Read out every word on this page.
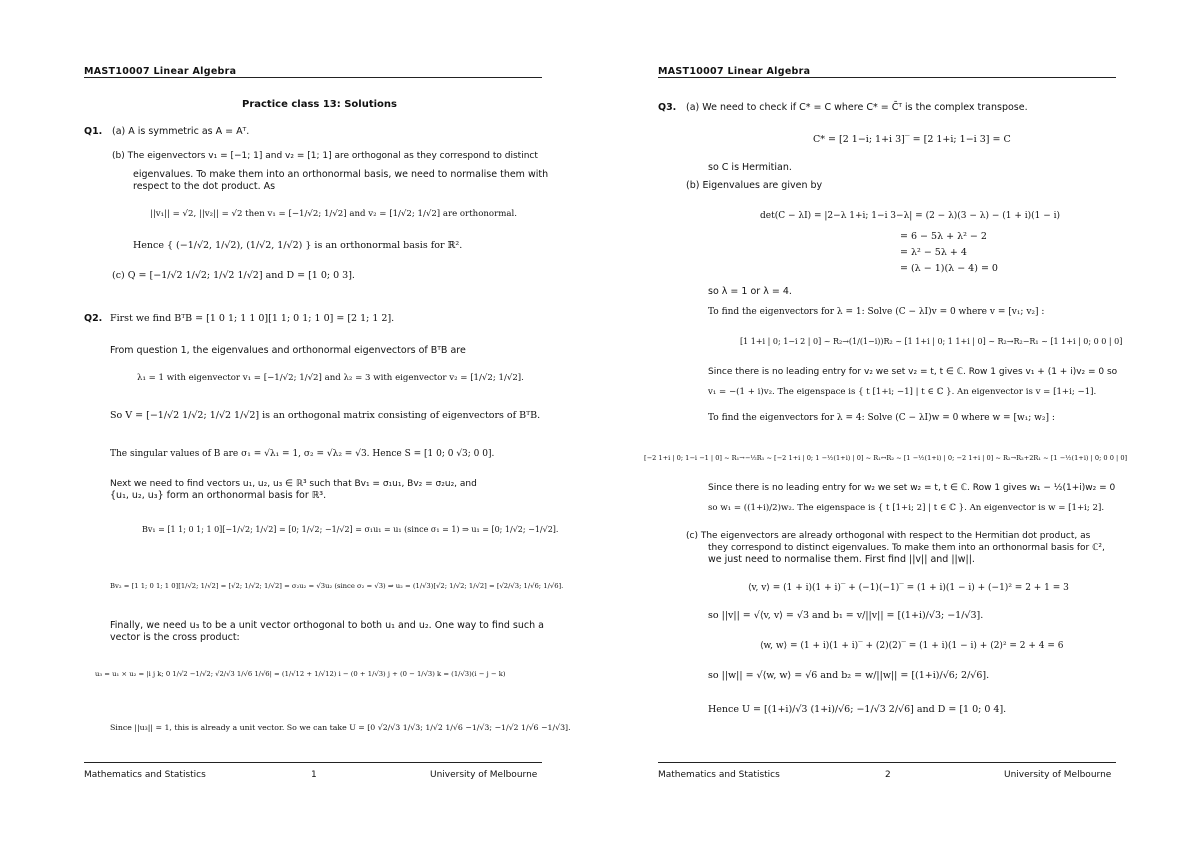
MAST10007 Linear Algebra
Practice class 13: Solutions
Q1. (a) A is symmetric as A = Aᵀ.
(b) The eigenvectors v₁ = [−1; 1] and v₂ = [1; 1] are orthogonal as they correspond to distinct
eigenvalues. To make them into an orthonormal basis, we need to normalise them with
respect to the dot product. As
||v₁|| = √2, ||v₂|| = √2 then v₁ = [−1/√2; 1/√2] and v₂ = [1/√2; 1/√2] are orthonormal.
Hence { (−1/√2, 1/√2), (1/√2, 1/√2) } is an orthonormal basis for ℝ².
(c) Q = [−1/√2 1/√2; 1/√2 1/√2] and D = [1 0; 0 3].
Q2. First we find BᵀB = [1 0 1; 1 1 0][1 1; 0 1; 1 0] = [2 1; 1 2].
From question 1, the eigenvalues and orthonormal eigenvectors of BᵀB are
λ₁ = 1 with eigenvector v₁ = [−1/√2; 1/√2] and λ₂ = 3 with eigenvector v₂ = [1/√2; 1/√2].
So V = [−1/√2 1/√2; 1/√2 1/√2] is an orthogonal matrix consisting of eigenvectors of BᵀB.
The singular values of B are σ₁ = √λ₁ = 1, σ₂ = √λ₂ = √3. Hence S = [1 0; 0 √3; 0 0].
Next we need to find vectors u₁, u₂, u₃ ∈ ℝ³ such that Bv₁ = σ₁u₁, Bv₂ = σ₂u₂, and
{u₁, u₂, u₃} form an orthonormal basis for ℝ³.
Bv₁ = [1 1; 0 1; 1 0][−1/√2; 1/√2] = [0; 1/√2; −1/√2] = σ₁u₁ = u₁ (since σ₁ = 1) ⇒ u₁ = [0; 1/√2; −1/√2].
Bv₂ = [1 1; 0 1; 1 0][1/√2; 1/√2] = [√2; 1/√2; 1/√2] = σ₂u₂ = √3u₂ (since σ₂ = √3) ⇒ u₂ = (1/√3)[√2; 1/√2; 1/√2] = [√2/√3; 1/√6; 1/√6].
Finally, we need u₃ to be a unit vector orthogonal to both u₁ and u₂. One way to find such a
vector is the cross product:
u₃ = u₁ × u₂ = |i j k; 0 1/√2 −1/√2; √2/√3 1/√6 1/√6| = (1/√12 + 1/√12) i − (0 + 1/√3) j + (0 − 1/√3) k = (1/√3)(i − j − k)
Since ||u₃|| = 1, this is already a unit vector. So we can take U = [0 √2/√3 1/√3; 1/√2 1/√6 −1/√3; −1/√2 1/√6 −1/√3].
Mathematics and Statistics	1	University of Melbourne
MAST10007 Linear Algebra
Q3. (a) We need to check if C* = C where C* = C̄ᵀ is the complex transpose.
C* = [2 1−i; 1+i 3]‾ = [2 1+i; 1−i 3] = C
so C is Hermitian.
(b) Eigenvalues are given by
det(C − λI) = |2−λ 1+i; 1−i 3−λ| = (2 − λ)(3 − λ) − (1 + i)(1 − i)
= 6 − 5λ + λ² − 2
= λ² − 5λ + 4
= (λ − 1)(λ − 4) = 0
so λ = 1 or λ = 4.
To find the eigenvectors for λ = 1: Solve (C − λI)v = 0 where v = [v₁; v₂] :
[1 1+i | 0; 1−i 2 | 0] ~ R₂→(1/(1−i))R₂ ~ [1 1+i | 0; 1 1+i | 0] ~ R₂→R₂−R₁ ~ [1 1+i | 0; 0 0 | 0]
Since there is no leading entry for v₂ we set v₂ = t, t ∈ ℂ. Row 1 gives v₁ + (1 + i)v₂ = 0 so
v₁ = −(1 + i)v₂. The eigenspace is { t [1+i; −1] | t ∈ ℂ }. An eigenvector is v = [1+i; −1].
To find the eigenvectors for λ = 4: Solve (C − λI)w = 0 where w = [w₁; w₂] :
[−2 1+i | 0; 1−i −1 | 0] ~ R₁→−½R₁ ~ [−2 1+i | 0; 1 −½(1+i) | 0] ~ R₁↔R₂ ~ [1 −½(1+i) | 0; −2 1+i | 0] ~ R₂→R₂+2R₁ ~ [1 −½(1+i) | 0; 0 0 | 0]
Since there is no leading entry for w₂ we set w₂ = t, t ∈ ℂ. Row 1 gives w₁ − ½(1+i)w₂ = 0
so w₁ = ((1+i)/2)w₂. The eigenspace is { t [1+i; 2] | t ∈ ℂ }. An eigenvector is w = [1+i; 2].
(c) The eigenvectors are already orthogonal with respect to the Hermitian dot product, as
they correspond to distinct eigenvalues. To make them into an orthonormal basis for ℂ²,
we just need to normalise them. First find ||v|| and ||w||.
⟨v, v⟩ = (1 + i)(1 + i)‾ + (−1)(−1)‾ = (1 + i)(1 − i) + (−1)² = 2 + 1 = 3
so ||v|| = √⟨v, v⟩ = √3 and b₁ = v/||v|| = [(1+i)/√3; −1/√3].
⟨w, w⟩ = (1 + i)(1 + i)‾ + (2)(2)‾ = (1 + i)(1 − i) + (2)² = 2 + 4 = 6
so ||w|| = √⟨w, w⟩ = √6 and b₂ = w/||w|| = [(1+i)/√6; 2/√6].
Hence U = [(1+i)/√3 (1+i)/√6; −1/√3 2/√6] and D = [1 0; 0 4].
Mathematics and Statistics	2	University of Melbourne
